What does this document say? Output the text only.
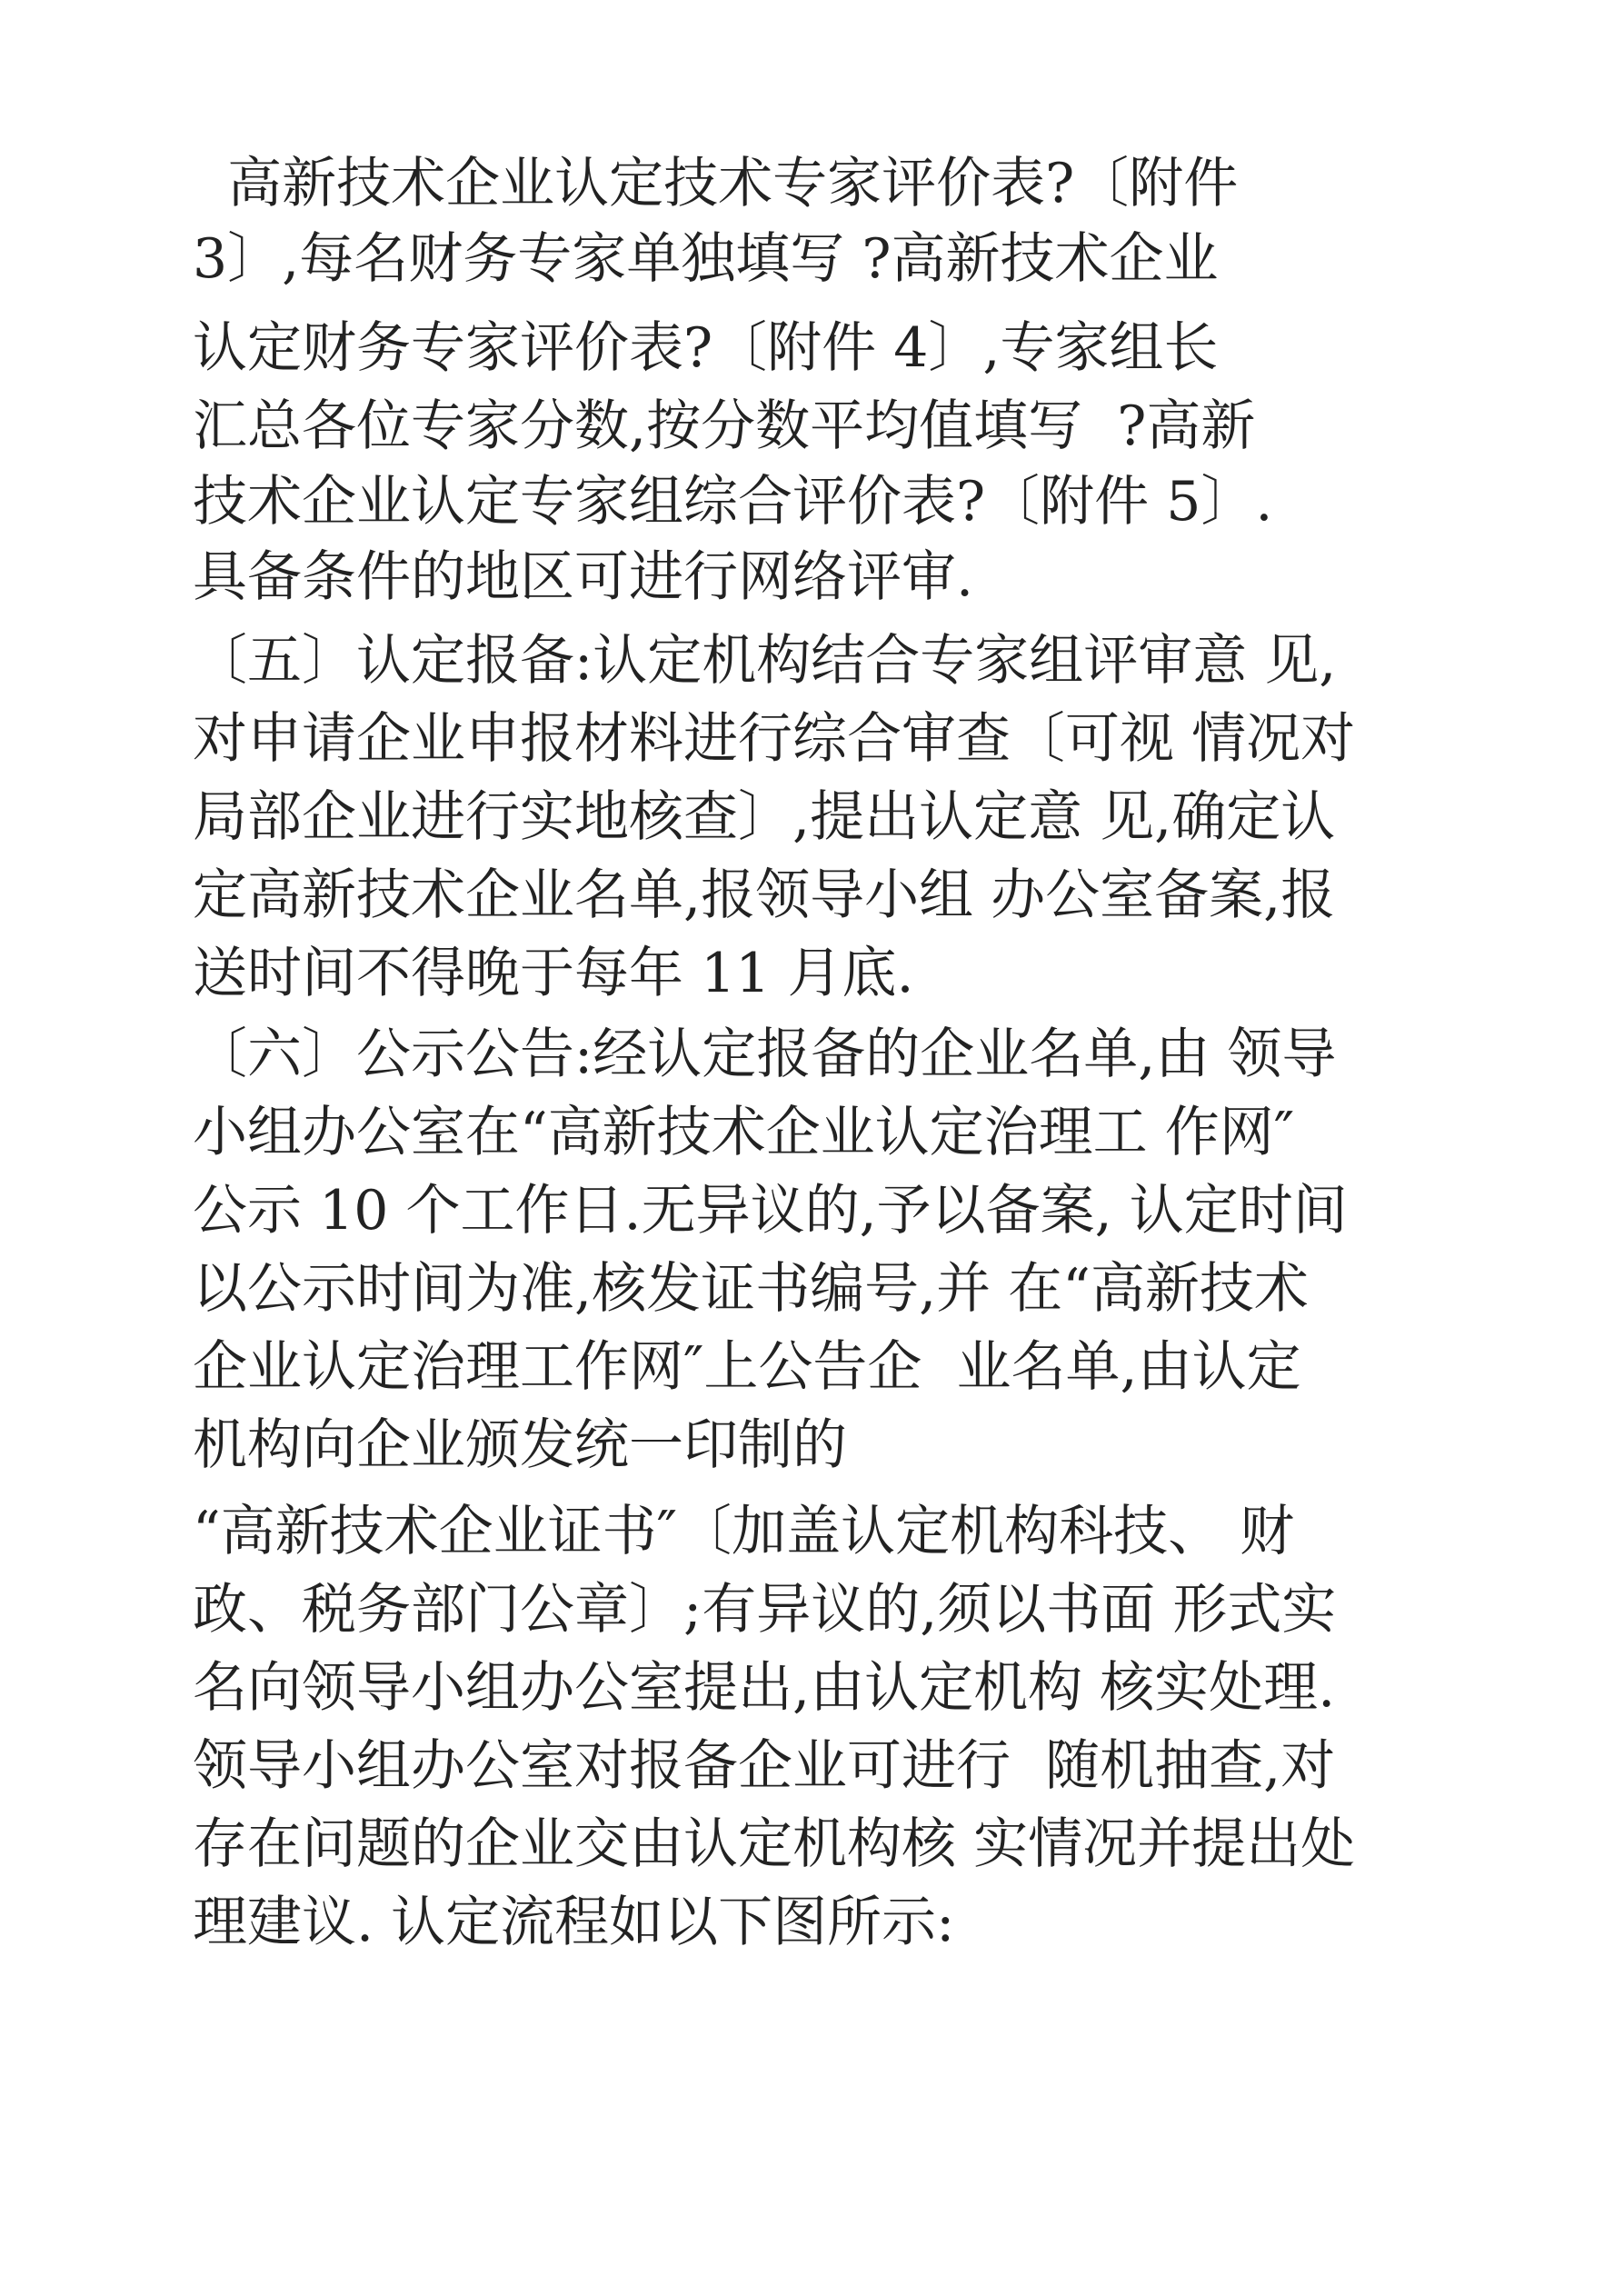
高新技术企业认定技术专家评价表?〔附件
3〕,每名财务专家单独填写 ?高新技术企业
认定财务专家评价表?〔附件 4〕,专家组长
汇总各位专家分数,按分数平均值填写  ?高新
技术企业认定专家组综合评价表?〔附件 5〕.
具备条件的地区可进行网络评审.
〔五〕认定报备:认定机构结合专家组评审意 见,
对申请企业申报材料进行综合审查〔可视 情况对
局部企业进行实地核查〕,提出认定意 见,确定认
定高新技术企业名单,报领导小组 办公室备案,报
送时间不得晚于每年 11 月底.
〔六〕公示公告:经认定报备的企业名单,由 领导
小组办公室在“高新技术企业认定治理工 作网″
公示 10 个工作日.无异议的,予以备案, 认定时间
以公示时间为准,核发证书编号,并 在“高新技术
企业认定治理工作网″上公告企  业名单,由认定
机构向企业颁发统一印制的
“高新技术企业证书″〔加盖认定机构科技、 财
政、税务部门公章〕;有异议的,须以书面 形式实
名向领导小组办公室提出,由认定机构 核实处理.
领导小组办公室对报备企业可进行  随机抽查,对
存在问题的企业交由认定机构核 实情况并提出处
理建议. 认定流程如以下图所示:
